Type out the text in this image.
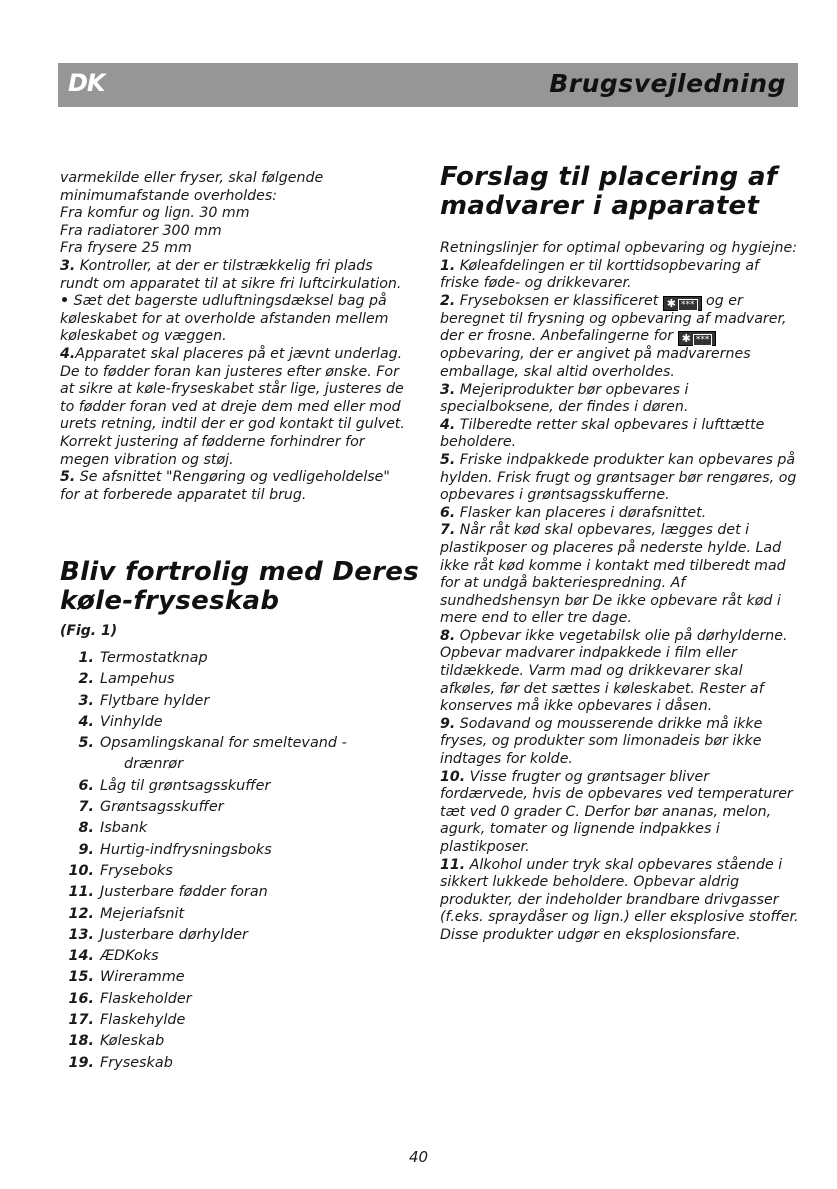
DK	Brugsvejledning

varmekilde eller fryser, skal følgende minimumafstande overholdes:

Fra komfur og lign. 30 mm

Fra radiatorer 300 mm

Fra frysere 25 mm

3. Kontroller, at der er tilstrækkelig fri plads rundt om apparatet til at sikre fri luftcirkulation.

• Sæt det bagerste udluftningsdæksel bag på køleskabet for at overholde afstanden mellem køleskabet og væggen.

4.Apparatet skal placeres på et jævnt underlag. De to fødder foran kan justeres efter ønske. For at sikre at køle-fryseskabet står lige, justeres de to fødder foran ved at dreje dem med eller mod urets retning, indtil der er god kontakt til gulvet. Korrekt justering af fødderne forhindrer for megen vibration og støj.

5. Se afsnittet "Rengøring og vedligeholdelse" for at forberede apparatet til brug.

Bliv fortrolig med Deres køle-fryseskab
(Fig. 1)
1. Termostatknap
2. Lampehus
3. Flytbare hylder
4. Vinhylde
5. Opsamlingskanal for smeltevand -
drænrør
6. Låg til grøntsagsskuffer
7. Grøntsagsskuffer
8. Isbank
9. Hurtig-indfrysningsboks
10. Fryseboks
11. Justerbare fødder foran
12. Mejeriafsnit
13. Justerbare dørhylder
14. ÆDKoks
15. Wireramme
16. Flaskeholder
17. Flaskehylde
18. Køleskab
19. Fryseskab
Forslag til placering af madvarer i apparatet

Retningslinjer for optimal opbevaring og hygiejne:

1. Køleafdelingen er til korttidsopbevaring af friske føde- og drikkevarer.

2. Fryseboksen er klassificeret ✱ *** og er beregnet til frysning og opbevaring af madvarer, der er frosne. Anbefalingerne for ✱ *** opbevaring, der er angivet på madvarernes emballage, skal altid overholdes.

3. Mejeriprodukter bør opbevares i specialboksene, der findes i døren.

4. Tilberedte retter skal opbevares i lufttætte beholdere.

5. Friske indpakkede produkter kan opbevares på hylden. Frisk frugt og grøntsager bør rengøres, og opbevares i grøntsagsskufferne.

6. Flasker kan placeres i dørafsnittet.

7. Når råt kød skal opbevares, lægges det i plastikposer og placeres på nederste hylde. Lad ikke råt kød komme i kontakt med tilberedt mad for at undgå bakteriespredning. Af sundhedshensyn bør De ikke opbevare råt kød i mere end to eller tre dage.

8. Opbevar ikke vegetabilsk olie på dørhylderne. Opbevar madvarer indpakkede i film eller tildækkede. Varm mad og drikkevarer skal afkøles, før det sættes i køleskabet. Rester af konserves må ikke opbevares i dåsen.

9. Sodavand og mousserende drikke må ikke fryses, og produkter som limonadeis bør ikke indtages for kolde.

10. Visse frugter og grøntsager bliver fordærvede, hvis de opbevares ved temperaturer tæt ved 0 grader C. Derfor bør ananas, melon, agurk, tomater og lignende indpakkes i plastikposer.

11. Alkohol under tryk skal opbevares stående i sikkert lukkede beholdere. Opbevar aldrig produkter, der indeholder brandbare drivgasser (f.eks. spraydåser og lign.) eller eksplosive stoffer. Disse produkter udgør en eksplosionsfare.

40
